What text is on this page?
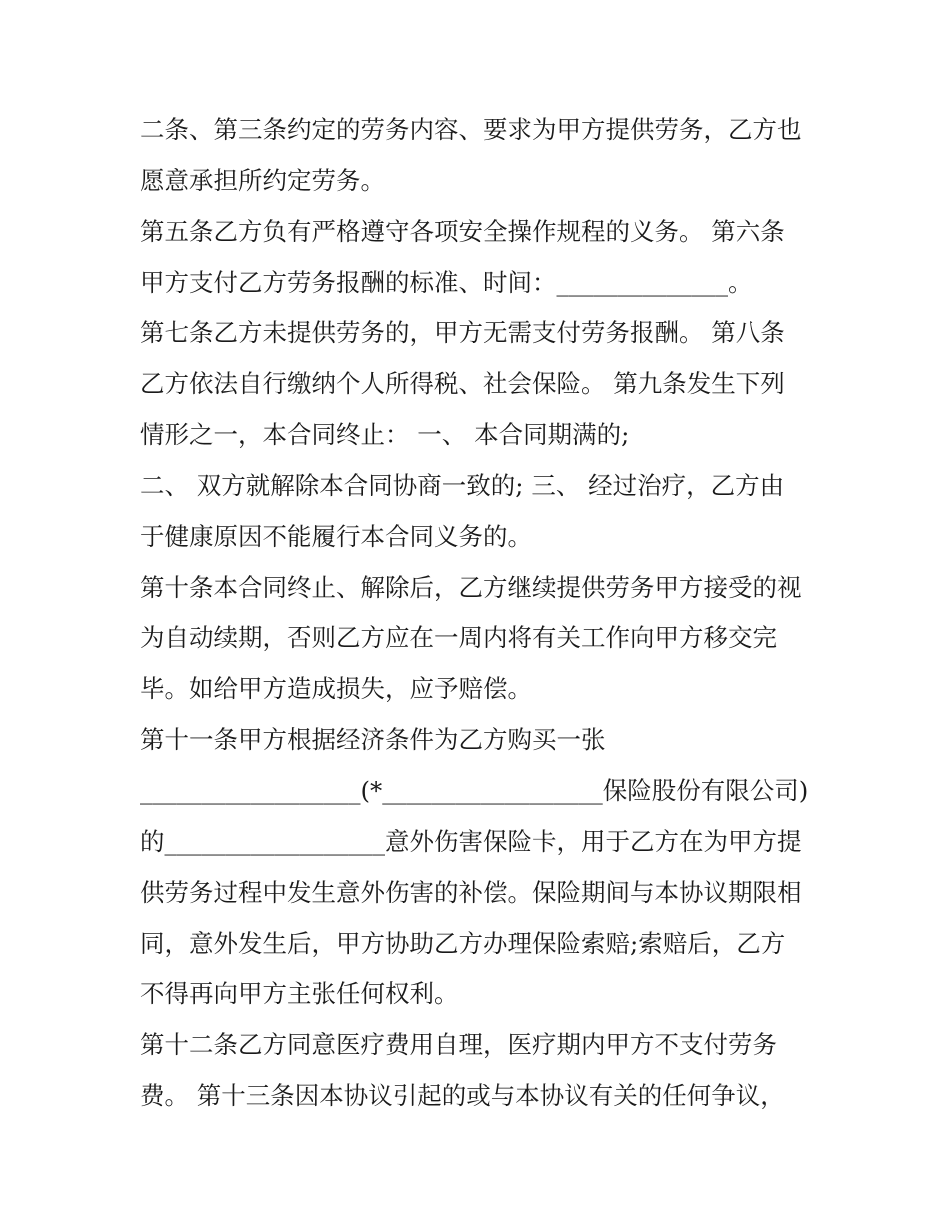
二条、第三条约定的劳务内容、要求为甲方提供劳务，乙方也
愿意承担所约定劳务。
第五条乙方负有严格遵守各项安全操作规程的义务。 第六条
甲方支付乙方劳务报酬的标准、时间：______________。
第七条乙方未提供劳务的，甲方无需支付劳务报酬。 第八条
乙方依法自行缴纳个人所得税、社会保险。 第九条发生下列
情形之一，本合同终止： 一、 本合同期满的;
二、 双方就解除本合同协商一致的; 三、 经过治疗，乙方由
于健康原因不能履行本合同义务的。
第十条本合同终止、解除后，乙方继续提供劳务甲方接受的视
为自动续期，否则乙方应在一周内将有关工作向甲方移交完
毕。如给甲方造成损失，应予赔偿。
第十一条甲方根据经济条件为乙方购买一张
__________________(*__________________保险股份有限公司)
的__________________意外伤害保险卡，用于乙方在为甲方提
供劳务过程中发生意外伤害的补偿。保险期间与本协议期限相
同，意外发生后，甲方协助乙方办理保险索赔;索赔后，乙方
不得再向甲方主张任何权利。
第十二条乙方同意医疗费用自理，医疗期内甲方不支付劳务
费。 第十三条因本协议引起的或与本协议有关的任何争议，
